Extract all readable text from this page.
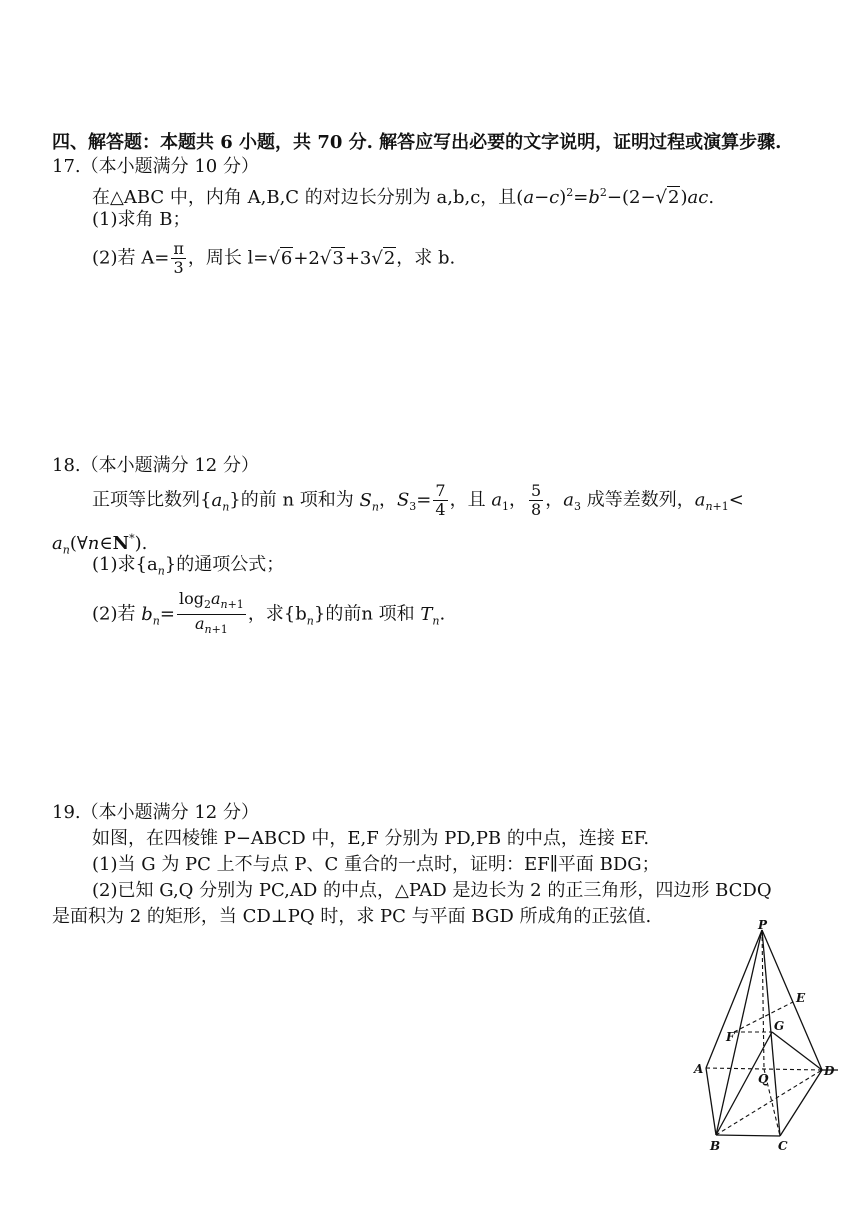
四、解答题：本题共 6 小题，共 70 分. 解答应写出必要的文字说明，证明过程或演算步骤.
17.（本小题满分 10 分）
在△ABC 中，内角 A,B,C 的对边长分别为 a,b,c，且$(a-c)^2=b^2-(2-√2)ac$.
(1)求角 B；
(2)若 $A= \frac{\pi}{3}$ ，周长 l=√6+2√3+3√2，求 b.
18.（本小题满分 12 分）
正项等比数列$\{a_n\}$的前 n 项和为 $S_n$，$S_3= \frac{7}{4}$ ，且 $a_1$， $\frac{5}{8}$ ，$a_3$ 成等差数列，$a_{n+1}<$
$a_n(\forall n\in N^*)$.
(1)求$\{a_n\}$的通项公式；
(2)若 $b_n= \frac{\log_2a_{n+1}}{a_{n+1}}$ ，求$\{b_n\}$的前n 项和 $T_n$.
19.（本小题满分 12 分）
如图，在四棱锥 P−ABCD 中，E,F 分别为 PD,PB 的中点，连接 EF.
(1)当 G 为 PC 上不与点 P、C 重合的一点时，证明：EF∥平面 BDG；
(2)已知 G,Q 分别为 PC,AD 的中点，△PAD 是边长为 2 的正三角形，四边形 BCDQ
是面积为 2 的矩形，当 CD⊥PQ 时，求 PC 与平面 BGD 所成角的正弦值.	P
E
F
G
A
Q
D
B	C
